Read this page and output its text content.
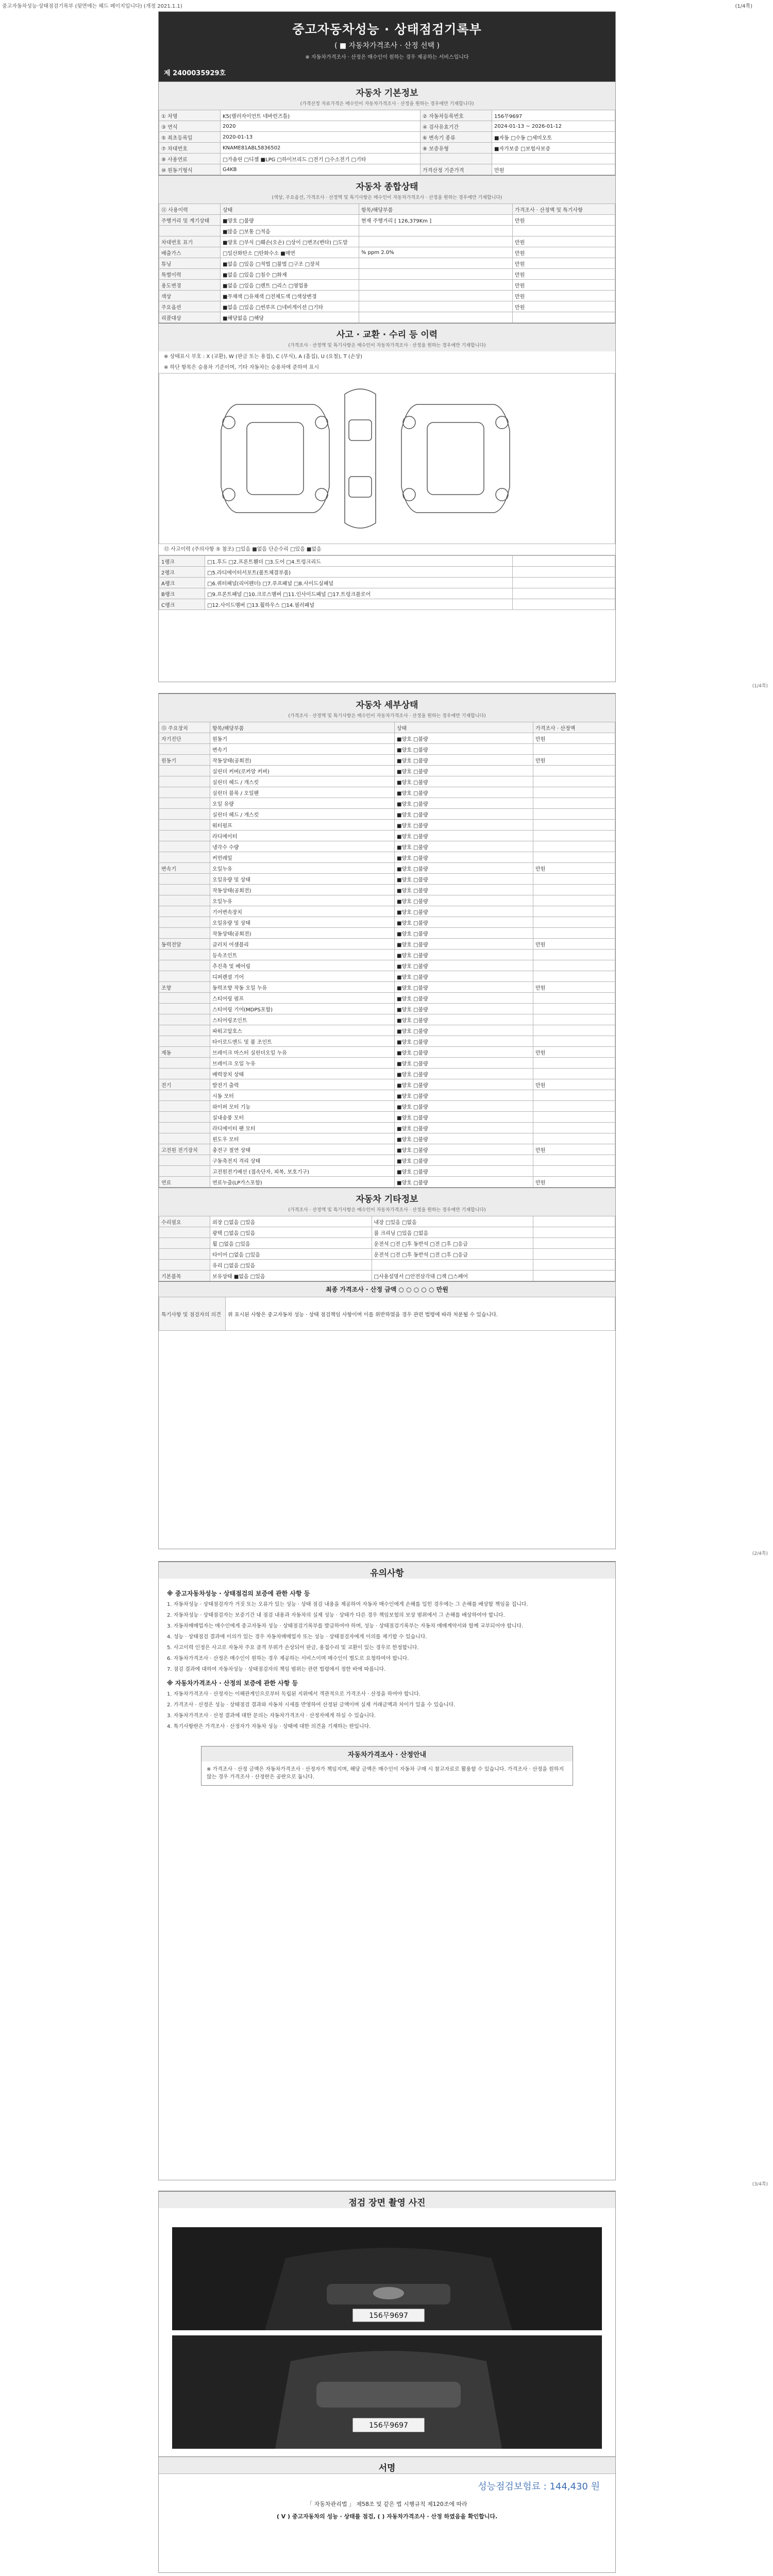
중고자동차성능·상태점검기록부 (뒷면에는 헤드 페이지입니다) (개정 2021.1.1)	(1/4쪽)
중고자동차성능 · 상태점검기록부
( ■ 자동차가격조사 · 산정 선택 )
※ 자동차가격조사 · 산정은 매수인이 원하는 경우 제공하는 서비스입니다
제 2400035929호
자동차 기본정보
(가격산정 자료가격은 매수인이 자동차가격조사 · 산정을 원하는 경우에만 기재합니다)
① 차명	K5(렐러자이언트 네바런즈틀)	② 자동차등록번호	156무9697
③ 연식	2020	④ 검사유효기간	2024-01-13 ~ 2026-01-12
⑤ 최초등록일	2020-01-13	⑥ 변속기 종류	■자동 □수동 □세미오토
⑦ 차대번호	KNAME81ABL5836502	⑧ 보증유형	■자가보증 □보험사보증
⑨ 사용연료	□가솔린 □디젤 ■LPG □하이브리드 □전기 □수소전기 □기타		
⑩ 원동기형식	G4KB	가격산정 기준가격	만원
자동차 종합상태
(색상, 주요옵션, 가격조사 · 산정액 및 특기사항은 매수인이 자동차가격조사 · 산정을 원하는 경우에만 기재합니다)
⑪ 사용이력	상태	항목/해당부품	가격조사 · 산정액 및 특기사항
주행거리 및 계기상태	■양호 □불량	현재 주행거리 [ 126,379Km ]	만원
	■많음 □보통 □적음		
차대번호 표기	■양호 □부식 □훼손(오손) □상이 □변조(변타) □도말		만원
배출가스	□일산화탄소 □탄화수소 ■매연	% ppm 2.0%	만원
튜닝	■없음 □있음 □적법 □불법 □구조 □장치		만원
특별이력	■없음 □있음 □침수 □화재		만원
용도변경	■없음 □있음 □렌트 □리스 □영업용		만원
색상	■무채색 □유채색 □전체도색 □색상변경		만원
주요옵션	■없음 □있음 □썬루프 □네비게이션 □기타		만원
리콜대상	■해당없음 □해당		
사고 · 교환 · 수리 등 이력
(가격조사 · 산정액 및 특기사항은 매수인이 자동차가격조사 · 산정을 원하는 경우에만 기재합니다)
※ 상태표시 부호 : X (교환), W (판금 또는 용접), C (부식), A (흠집), U (요철), T (손상)
※ 하단 항목은 승용차 기준이며, 기타 자동차는 승용차에 준하여 표시
⑫ 사고이력 (주의사항 ⑤ 참조) □있음 ■없음 단순수리 □있음 ■없음
1랭크	□1.후드 □2.프론트휀더 □3.도어 □4.트렁크리드	
2랭크	□5.라디에이터서포트(볼트체결부품)	
A랭크	□6.쿼터패널(리어펜더) □7.루프패널 □8.사이드실패널	
B랭크	□9.프론트패널 □10.크로스멤버 □11.인사이드패널 □17.트렁크플로어	
C랭크	□12.사이드멤버 □13.휠하우스 □14.필러패널	
(1/4쪽)
자동차 세부상태
(가격조사 · 산정액 및 특기사항은 매수인이 자동차가격조사 · 산정을 원하는 경우에만 기재합니다)
⑬ 주요장치	항목/해당부품	상태	가격조사 · 산정액
자기진단	원동기	■양호 □불량	만원
	변속기	■양호 □불량	
원동기	작동상태(공회전)	■양호 □불량	만원
	실린더 커버(로커암 커버)	■양호 □불량	
	실린더 헤드 / 개스킷	■양호 □불량	
	실린더 블록 / 오일팬	■양호 □불량	
	오일 유량	■양호 □불량	
	실린더 헤드 / 개스킷	■양호 □불량	
	워터펌프	■양호 □불량	
	라디에이터	■양호 □불량	
	냉각수 수량	■양호 □불량	
	커먼레일	■양호 □불량	
변속기	오일누유	■양호 □불량	만원
	오일유량 및 상태	■양호 □불량	
	작동상태(공회전)	■양호 □불량	
	오일누유	■양호 □불량	
	기어변속장치	■양호 □불량	
	오일유량 및 상태	■양호 □불량	
	작동상태(공회전)	■양호 □불량	
동력전달	클러치 어셈블리	■양호 □불량	만원
	등속조인트	■양호 □불량	
	추진축 및 베어링	■양호 □불량	
	디퍼렌셜 기어	■양호 □불량	
조향	동력조향 작동 오일 누유	■양호 □불량	만원
	스티어링 펌프	■양호 □불량	
	스티어링 기어(MDPS포함)	■양호 □불량	
	스티어링조인트	■양호 □불량	
	파워고압호스	■양호 □불량	
	타이로드엔드 및 볼 조인트	■양호 □불량	
제동	브레이크 마스터 실린더오일 누유	■양호 □불량	만원
	브레이크 오일 누유	■양호 □불량	
	배력장치 상태	■양호 □불량	
전기	발전기 출력	■양호 □불량	만원
	시동 모터	■양호 □불량	
	와이퍼 모터 기능	■양호 □불량	
	실내송풍 모터	■양호 □불량	
	라디에이터 팬 모터	■양호 □불량	
	윈도우 모터	■양호 □불량	
고전원 전기장치	충전구 절연 상태	■양호 □불량	만원
	구동축전지 격리 상태	■양호 □불량	
	고전원전기배선 (접속단자, 피복, 보호기구)	■양호 □불량	
연료	연료누출(LP가스포함)	■양호 □불량	만원
자동차 기타정보
(가격조사 · 산정액 및 특기사항은 매수인이 자동차가격조사 · 산정을 원하는 경우에만 기재합니다)
수리필요	외장 □없음 □있음	내장 □있음 □없음	
	광택 □없음 □있음	룸 크리닝 □있음 □없음	
	휠 □없음 □있음	운전석 □전 □후 동반석 □전 □후 □응급	
	타이어 □없음 □있음	운전석 □전 □후 동반석 □전 □후 □응급	
	유리 □없음 □있음		
기본품목	보유상태 ■없음 □있음	□사용설명서 □안전삼각대 □잭 □스페어	
최종 가격조사 · 산정 금액 ○ ○ ○ ○ ○ 만원
특기사항 및 점검자의 의견	위 표시된 사항은 중고자동차 성능 · 상태 점검책임 사항이며 이를 위반하였을 경우 관련 법령에 따라 처분될 수 있습니다.
(2/4쪽)
유의사항
※ 중고자동차성능 · 상태점검의 보증에 관한 사항 등

1. 자동차성능 · 상태점검자가 거짓 또는 오류가 있는 성능 · 상태 점검 내용을 제공하여 자동차 매수인에게 손해를 입힌 경우에는 그 손해를 배상할 책임을 집니다.

2. 자동차성능 · 상태점검자는 보증기간 내 점검 내용과 자동차의 실제 성능 · 상태가 다른 경우 책임보험의 보상 범위에서 그 손해를 배상하여야 합니다.

3. 자동차매매업자는 매수인에게 중고자동차 성능 · 상태점검기록부를 발급하여야 하며, 성능 · 상태점검기록부는 자동차 매매계약서와 함께 교부되어야 합니다.

4. 성능 · 상태점검 결과에 이의가 있는 경우 자동차매매업자 또는 성능 · 상태점검자에게 이의를 제기할 수 있습니다.

5. 사고이력 인정은 사고로 자동차 주요 골격 부위가 손상되어 판금, 용접수리 및 교환이 있는 경우로 한정합니다.

6. 자동차가격조사 · 산정은 매수인이 원하는 경우 제공하는 서비스이며 매수인이 별도로 요청하여야 합니다.

7. 점검 결과에 대하여 자동차성능 · 상태점검자의 책임 범위는 관련 법령에서 정한 바에 따릅니다.

※ 자동차가격조사 · 산정의 보증에 관한 사항 등

1. 자동차가격조사 · 산정자는 이해관계인으로부터 독립된 지위에서 객관적으로 가격조사 · 산정을 하여야 합니다.

2. 가격조사 · 산정은 성능 · 상태점검 결과와 자동차 시세를 반영하여 산정된 금액이며 실제 거래금액과 차이가 있을 수 있습니다.

3. 자동차가격조사 · 산정 결과에 대한 문의는 자동차가격조사 · 산정자에게 하실 수 있습니다.

4. 특기사항란은 가격조사 · 산정자가 자동차 성능 · 상태에 대한 의견을 기재하는 란입니다.

자동차가격조사 · 산정안내
※ 가격조사 · 산정 금액은 자동차가격조사 · 산정자가 책임지며, 해당 금액은 매수인이 자동차 구매 시 참고자료로 활용할 수 있습니다. 가격조사 · 산정을 원하지 않는 경우 가격조사 · 산정란은 공란으로 둡니다.
(3/4쪽)
점검 장면 촬영 사진
156무9697
156무9697
서명
성능점검보험료 : 144,430 원
「 자동차관리법 」 제58조 및 같은 법 시행규칙 제120조에 따라
( V ) 중고자동차의 성능 · 상태를 점검, ( ) 자동차가격조사 · 산정 하였음을 확인합니다.
